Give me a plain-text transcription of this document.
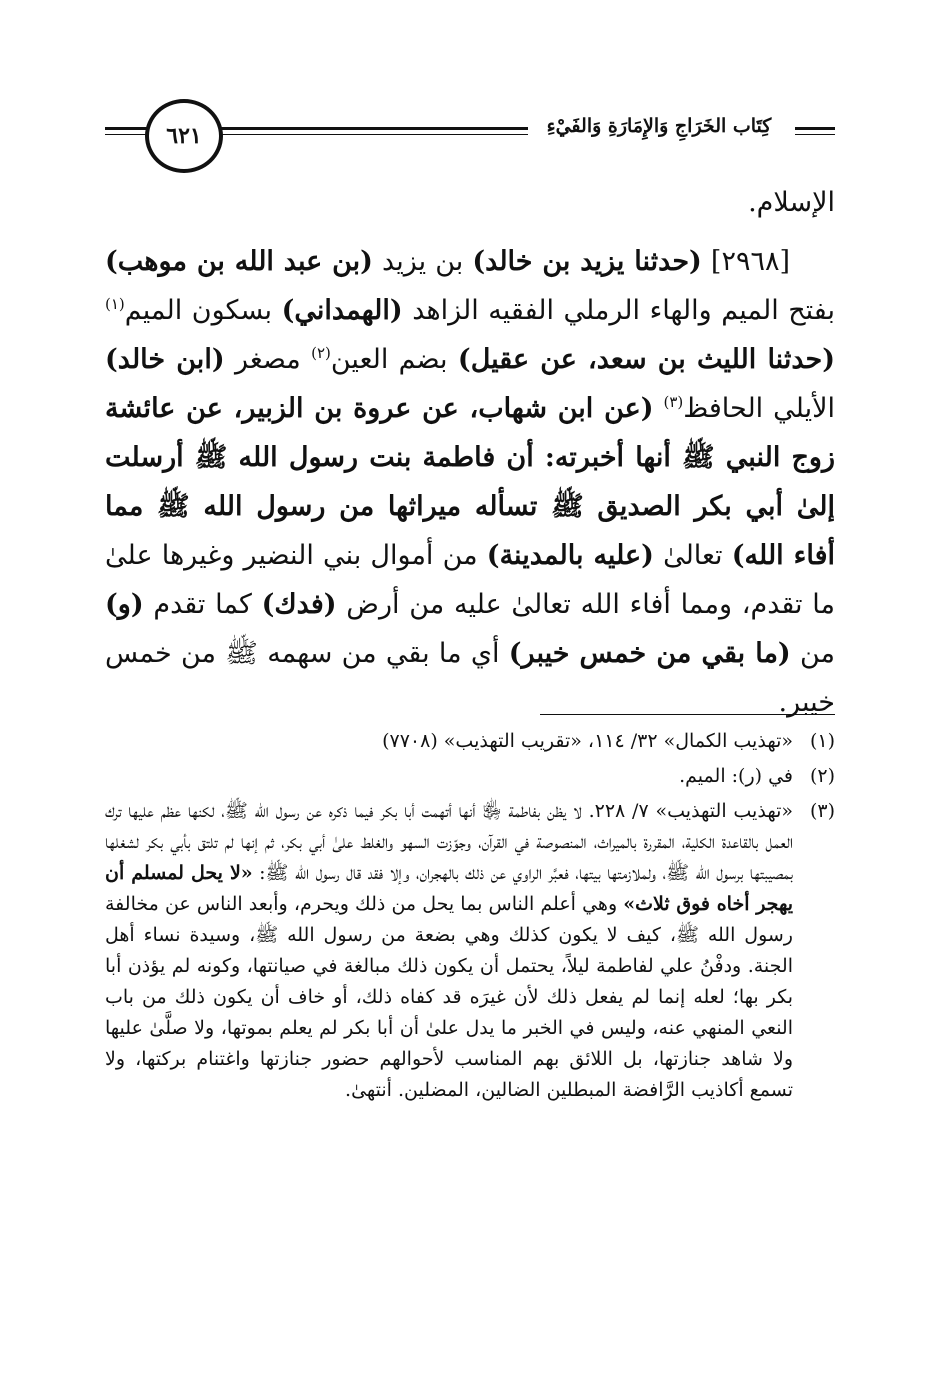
٦٢١	كِتَاب الخَرَاجِ وَالإِمَارَةِ وَالفَيْءِ

الإسلام.

[٢٩٦٨] (حدثنا يزيد بن خالد) بن يزيد (بن عبد الله بن موهب) بفتح الميم والهاء الرملي الفقيه الزاهد (الهمداني) بسكون الميم$^{(١)}$ (حدثنا الليث بن سعد، عن عقيل) بضم العين$^{(٢)}$ مصغر (ابن خالد) الأيلي الحافظ$^{(٣)}$ (عن ابن شهاب، عن عروة بن الزبير، عن عائشة زوج النبي ﷺ أنها أخبرته: أن فاطمة بنت رسول الله ﷺ أرسلت إلىٰ أبي بكر الصديق ﷺ تسأله ميراثها من رسول الله ﷺ مما أفاء الله) تعالىٰ (عليه بالمدينة) من أموال بني النضير وغيرها علىٰ ما تقدم، ومما أفاء الله تعالىٰ عليه من أرض (فدك) كما تقدم (و) من (ما بقي من خمس خيبر) أي ما بقي من سهمه ﷺ من خمس خيبر.

(١)
«تهذيب الكمال» ٣٢/ ١١٤، «تقريب التهذيب» (٧٧٠٨)
(٢)
في (ر): الميم.
(٣)
«تهذيب التهذيب» ٧/ ٢٢٨. لا يظن بفاطمة ﵂ أنها أتهمت أبا بكر فيما ذكره عن رسول الله ﷺ، لكنها عظم عليها ترك العمل بالقاعدة الكلية، المقررة بالميراث، المنصوصة في القرآن، وجوّزت السهو والغلط علىٰ أبي بكر، ثم إنها لم تلتق بأبي بكر لشغلها بمصيبتها برسول الله ﷺ، ولملازمتها بيتها، فعبَّر الراوي عن ذلك بالهجران، وإلا فقد قال رسول الله ﷺ: «لا يحل لمسلم أن يهجر أخاه فوق ثلاث» وهي أعلم الناس بما يحل من ذلك ويحرم، وأبعد الناس عن مخالفة رسول الله ﷺ، كيف لا يكون كذلك وهي بضعة من رسول الله ﷺ، وسيدة نساء أهل الجنة. ودفْنُ علي لفاطمة ليلاً، يحتمل أن يكون ذلك مبالغة في صيانتها، وكونه لم يؤذن أبا بكر بها؛ لعله إنما لم يفعل ذلك لأن غيرَه قد كفاه ذلك، أو خاف أن يكون ذلك من باب النعي المنهي عنه، وليس في الخبر ما يدل علىٰ أن أبا بكر لم يعلم بموتها، ولا صلَّىٰ عليها ولا شاهد جنازتها، بل اللائق بهم المناسب لأحوالهم حضور جنازتها واغتنام بركتها، ولا تسمع أكاذيب الرَّافضة المبطلين الضالين، المضلين. أنتهىٰ.
